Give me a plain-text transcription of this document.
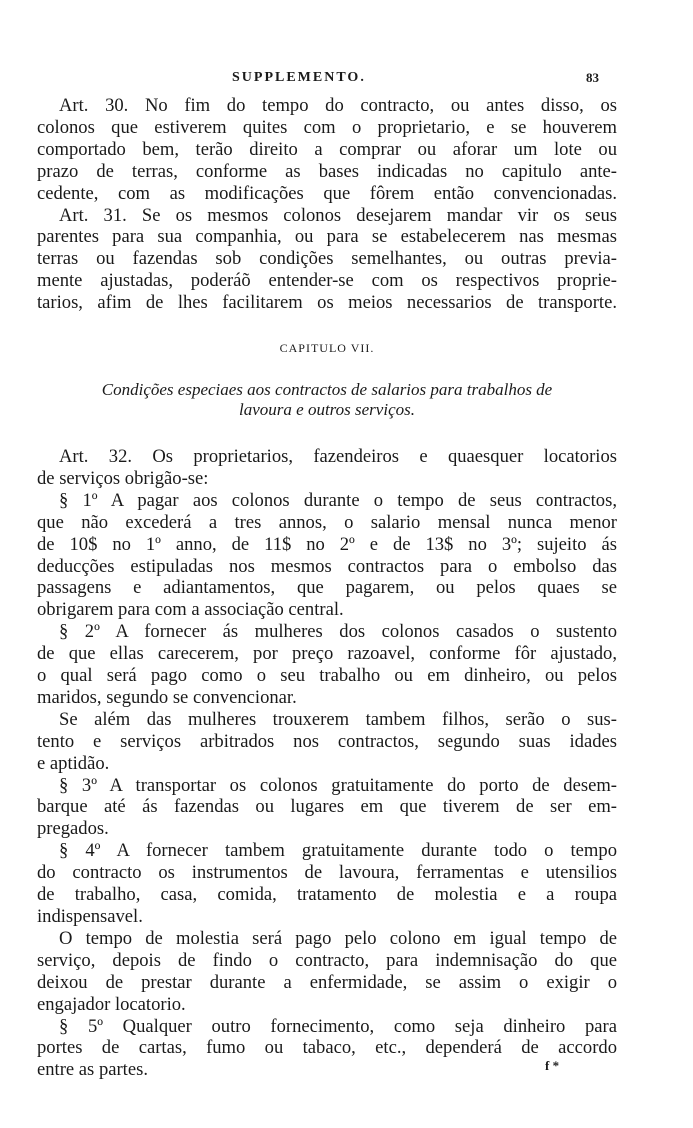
SUPPLEMENTO.	83

Art. 30. No fim do tempo do contracto, ou antes disso, os
colonos que estiverem quites com o proprietario, e se houverem
comportado bem, terão direito a comprar ou aforar um lote ou
prazo de terras, conforme as bases indicadas no capitulo ante-
cedente, com as modificações que fôrem então convencionadas.

Art. 31. Se os mesmos colonos desejarem mandar vir os seus
parentes para sua companhia, ou para se estabelecerem nas mesmas
terras ou fazendas sob condições semelhantes, ou outras previa-
mente ajustadas, poderáõ entender-se com os respectivos proprie-
tarios, afim de lhes facilitarem os meios necessarios de transporte.

CAPITULO VII.
Condições especiaes aos contractos de salarios para trabalhos de
lavoura e outros serviços.

Art. 32. Os proprietarios, fazendeiros e quaesquer locatorios
de serviços obrigão-se:

§ 1º A pagar aos colonos durante o tempo de seus contractos,
que não excederá a tres annos, o salario mensal nunca menor
de 10$ no 1º anno, de 11$ no 2º e de 13$ no 3º; sujeito ás
deducções estipuladas nos mesmos contractos para o embolso das
passagens e adiantamentos, que pagarem, ou pelos quaes se
obrigarem para com a associação central.

§ 2º A fornecer ás mulheres dos colonos casados o sustento
de que ellas carecerem, por preço razoavel, conforme fôr ajustado,
o qual será pago como o seu trabalho ou em dinheiro, ou pelos
maridos, segundo se convencionar.

Se além das mulheres trouxerem tambem filhos, serão o sus-
tento e serviços arbitrados nos contractos, segundo suas idades
e aptidão.

§ 3º A transportar os colonos gratuitamente do porto de desem-
barque até ás fazendas ou lugares em que tiverem de ser em-
pregados.

§ 4º A fornecer tambem gratuitamente durante todo o tempo
do contracto os instrumentos de lavoura, ferramentas e utensilios
de trabalho, casa, comida, tratamento de molestia e a roupa
indispensavel.

O tempo de molestia será pago pelo colono em igual tempo de
serviço, depois de findo o contracto, para indemnisação do que
deixou de prestar durante a enfermidade, se assim o exigir o
engajador locatorio.

§ 5º Qualquer outro fornecimento, como seja dinheiro para
portes de cartas, fumo ou tabaco, etc., dependerá de accordo
entre as partes.	f *
